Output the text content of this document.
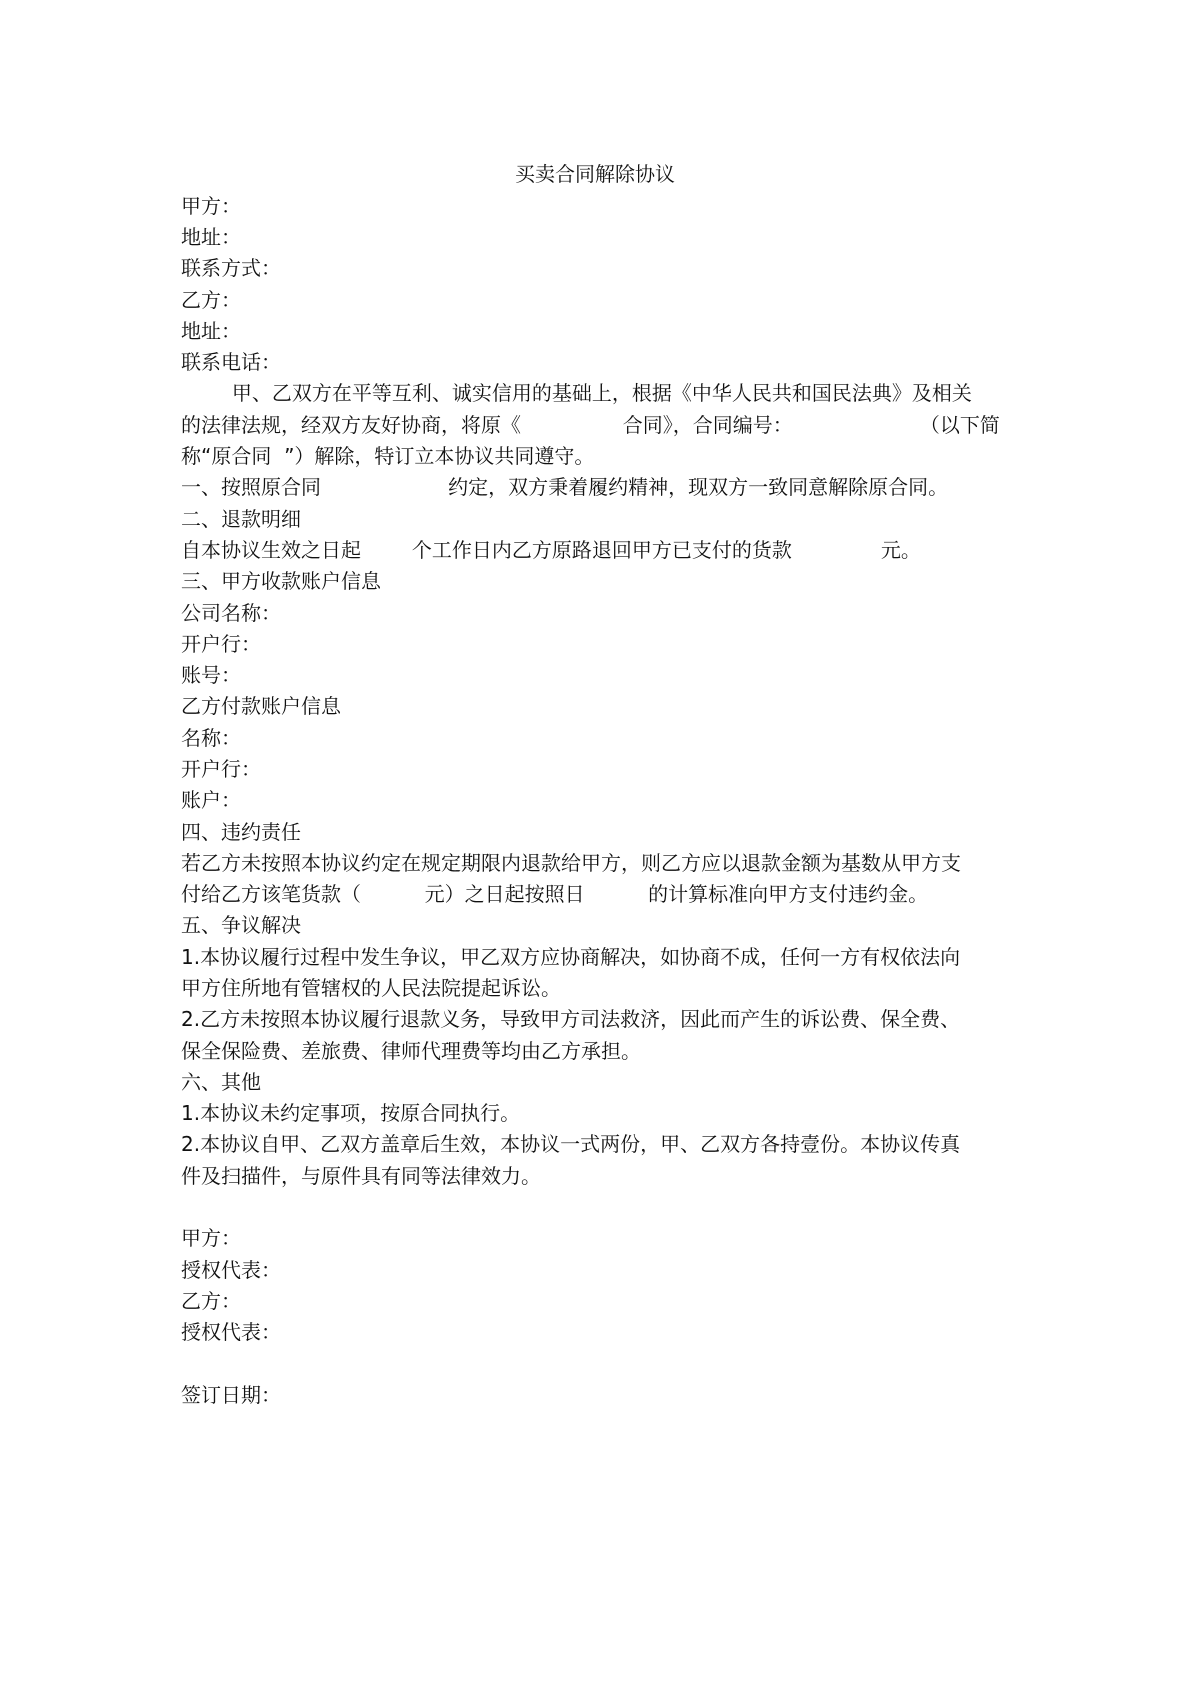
买卖合同解除协议
甲方：
地址：
联系方式：
乙方：
地址：
联系电话：
甲、乙双方在平等互利、诚实信用的基础上，根据《中华人民共和国民法典》及相关
的法律法规，经双方友好协商，将原《                合同》，合同编号：                    （以下简
称“原合同  ”）解除，特订立本协议共同遵守。
一、按照原合同                    约定，双方秉着履约精神，现双方一致同意解除原合同。
二、退款明细
自本协议生效之日起        个工作日内乙方原路退回甲方已支付的货款              元。
三、甲方收款账户信息
公司名称：
开户行：
账号：
乙方付款账户信息
名称：
开户行：
账户：
四、违约责任
若乙方未按照本协议约定在规定期限内退款给甲方，则乙方应以退款金额为基数从甲方支
付给乙方该笔货款（          元）之日起按照日          的计算标准向甲方支付违约金。
五、争议解决
1.本协议履行过程中发生争议，甲乙双方应协商解决，如协商不成，任何一方有权依法向
甲方住所地有管辖权的人民法院提起诉讼。
2.乙方未按照本协议履行退款义务，导致甲方司法救济，因此而产生的诉讼费、保全费、
保全保险费、差旅费、律师代理费等均由乙方承担。
六、其他
1.本协议未约定事项，按原合同执行。
2.本协议自甲、乙双方盖章后生效，本协议一式两份，甲、乙双方各持壹份。本协议传真
件及扫描件，与原件具有同等法律效力。
甲方：
授权代表：
乙方：
授权代表：
签订日期：
